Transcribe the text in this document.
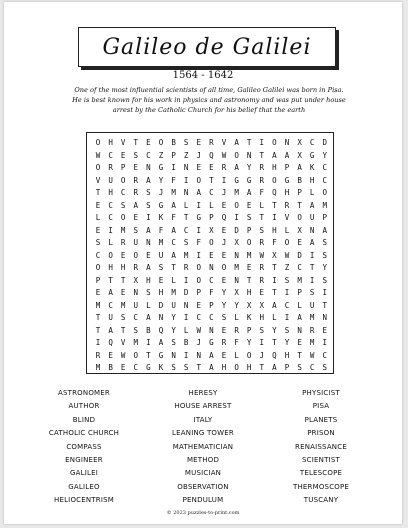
Galileo de Galilei
1564 - 1642
One of the most influential scientists of all time, Galileo Galilei was born in Pisa. He is best known for his work in physics and astronomy and was put under house arrest by the Catholic Church for his belief that the earth
O	H	V	T	E	O	B	S	E	R	V	A	T	I	O	N	X	C	D
W	C	E	S	C	Z	P	Z	J	Q	W	O	N	T	A	A	X	G	Y
O	R	P	E	N	G	I	N	E	E	R	A	Y	R	H	P	A	K	C
V	U	O	R	A	Y	F	I	O	T	I	G	G	R	O	G	B	H	C
T	H	C	R	S	J	M	N	A	C	J	M	A	F	Q	H	P	L	O
E	C	S	A	S	G	A	L	I	L	E	O	E	L	T	R	T	A	M
L	C	O	E	I	K	F	T	G	P	Q	I	S	T	I	V	O	U	P
E	I	M	S	A	F	A	C	I	X	E	D	P	S	H	L	X	N	A
S	L	R	U	N	M	C	S	F	O	J	X	O	R	F	O	E	A	S
C	O	E	O	E	U	A	M	I	E	E	N	M	W	X	W	D	I	S
O	H	H	R	A	S	T	R	O	N	O	M	E	R	T	Z	C	T	Y
P	T	T	X	H	E	L	I	O	C	E	N	T	R	I	S	M	I	S
E	A	E	N	S	H	M	D	P	F	Y	X	H	E	T	I	P	S	I
M	C	M	U	L	D	U	N	E	P	Y	Y	X	X	A	C	L	U	T
T	U	S	C	A	N	Y	I	C	C	S	L	K	H	L	I	A	M	N
T	A	T	S	B	Q	Y	L	W	N	E	R	P	S	Y	S	N	R	E
I	Q	V	M	I	A	S	B	J	G	R	F	Y	I	T	Y	E	M	I
R	E	W	O	T	G	N	I	N	A	E	L	O	J	Q	H	T	W	C
M	B	E	C	G	K	S	S	T	A	H	O	H	T	A	P	S	C	S
ASTRONOMER
AUTHOR
BLIND
CATHOLIC CHURCH
COMPASS
ENGINEER
GALILEI
GALILEO
HELIOCENTRISM
HERESY
HOUSE ARREST
ITALY
LEANING TOWER
MATHEMATICIAN
METHOD
MUSICIAN
OBSERVATION
PENDULUM
PHYSICIST
PISA
PLANETS
PRISON
RENAISSANCE
SCIENTIST
TELESCOPE
THERMOSCOPE
TUSCANY
© 2023 puzzles-to-print.com
